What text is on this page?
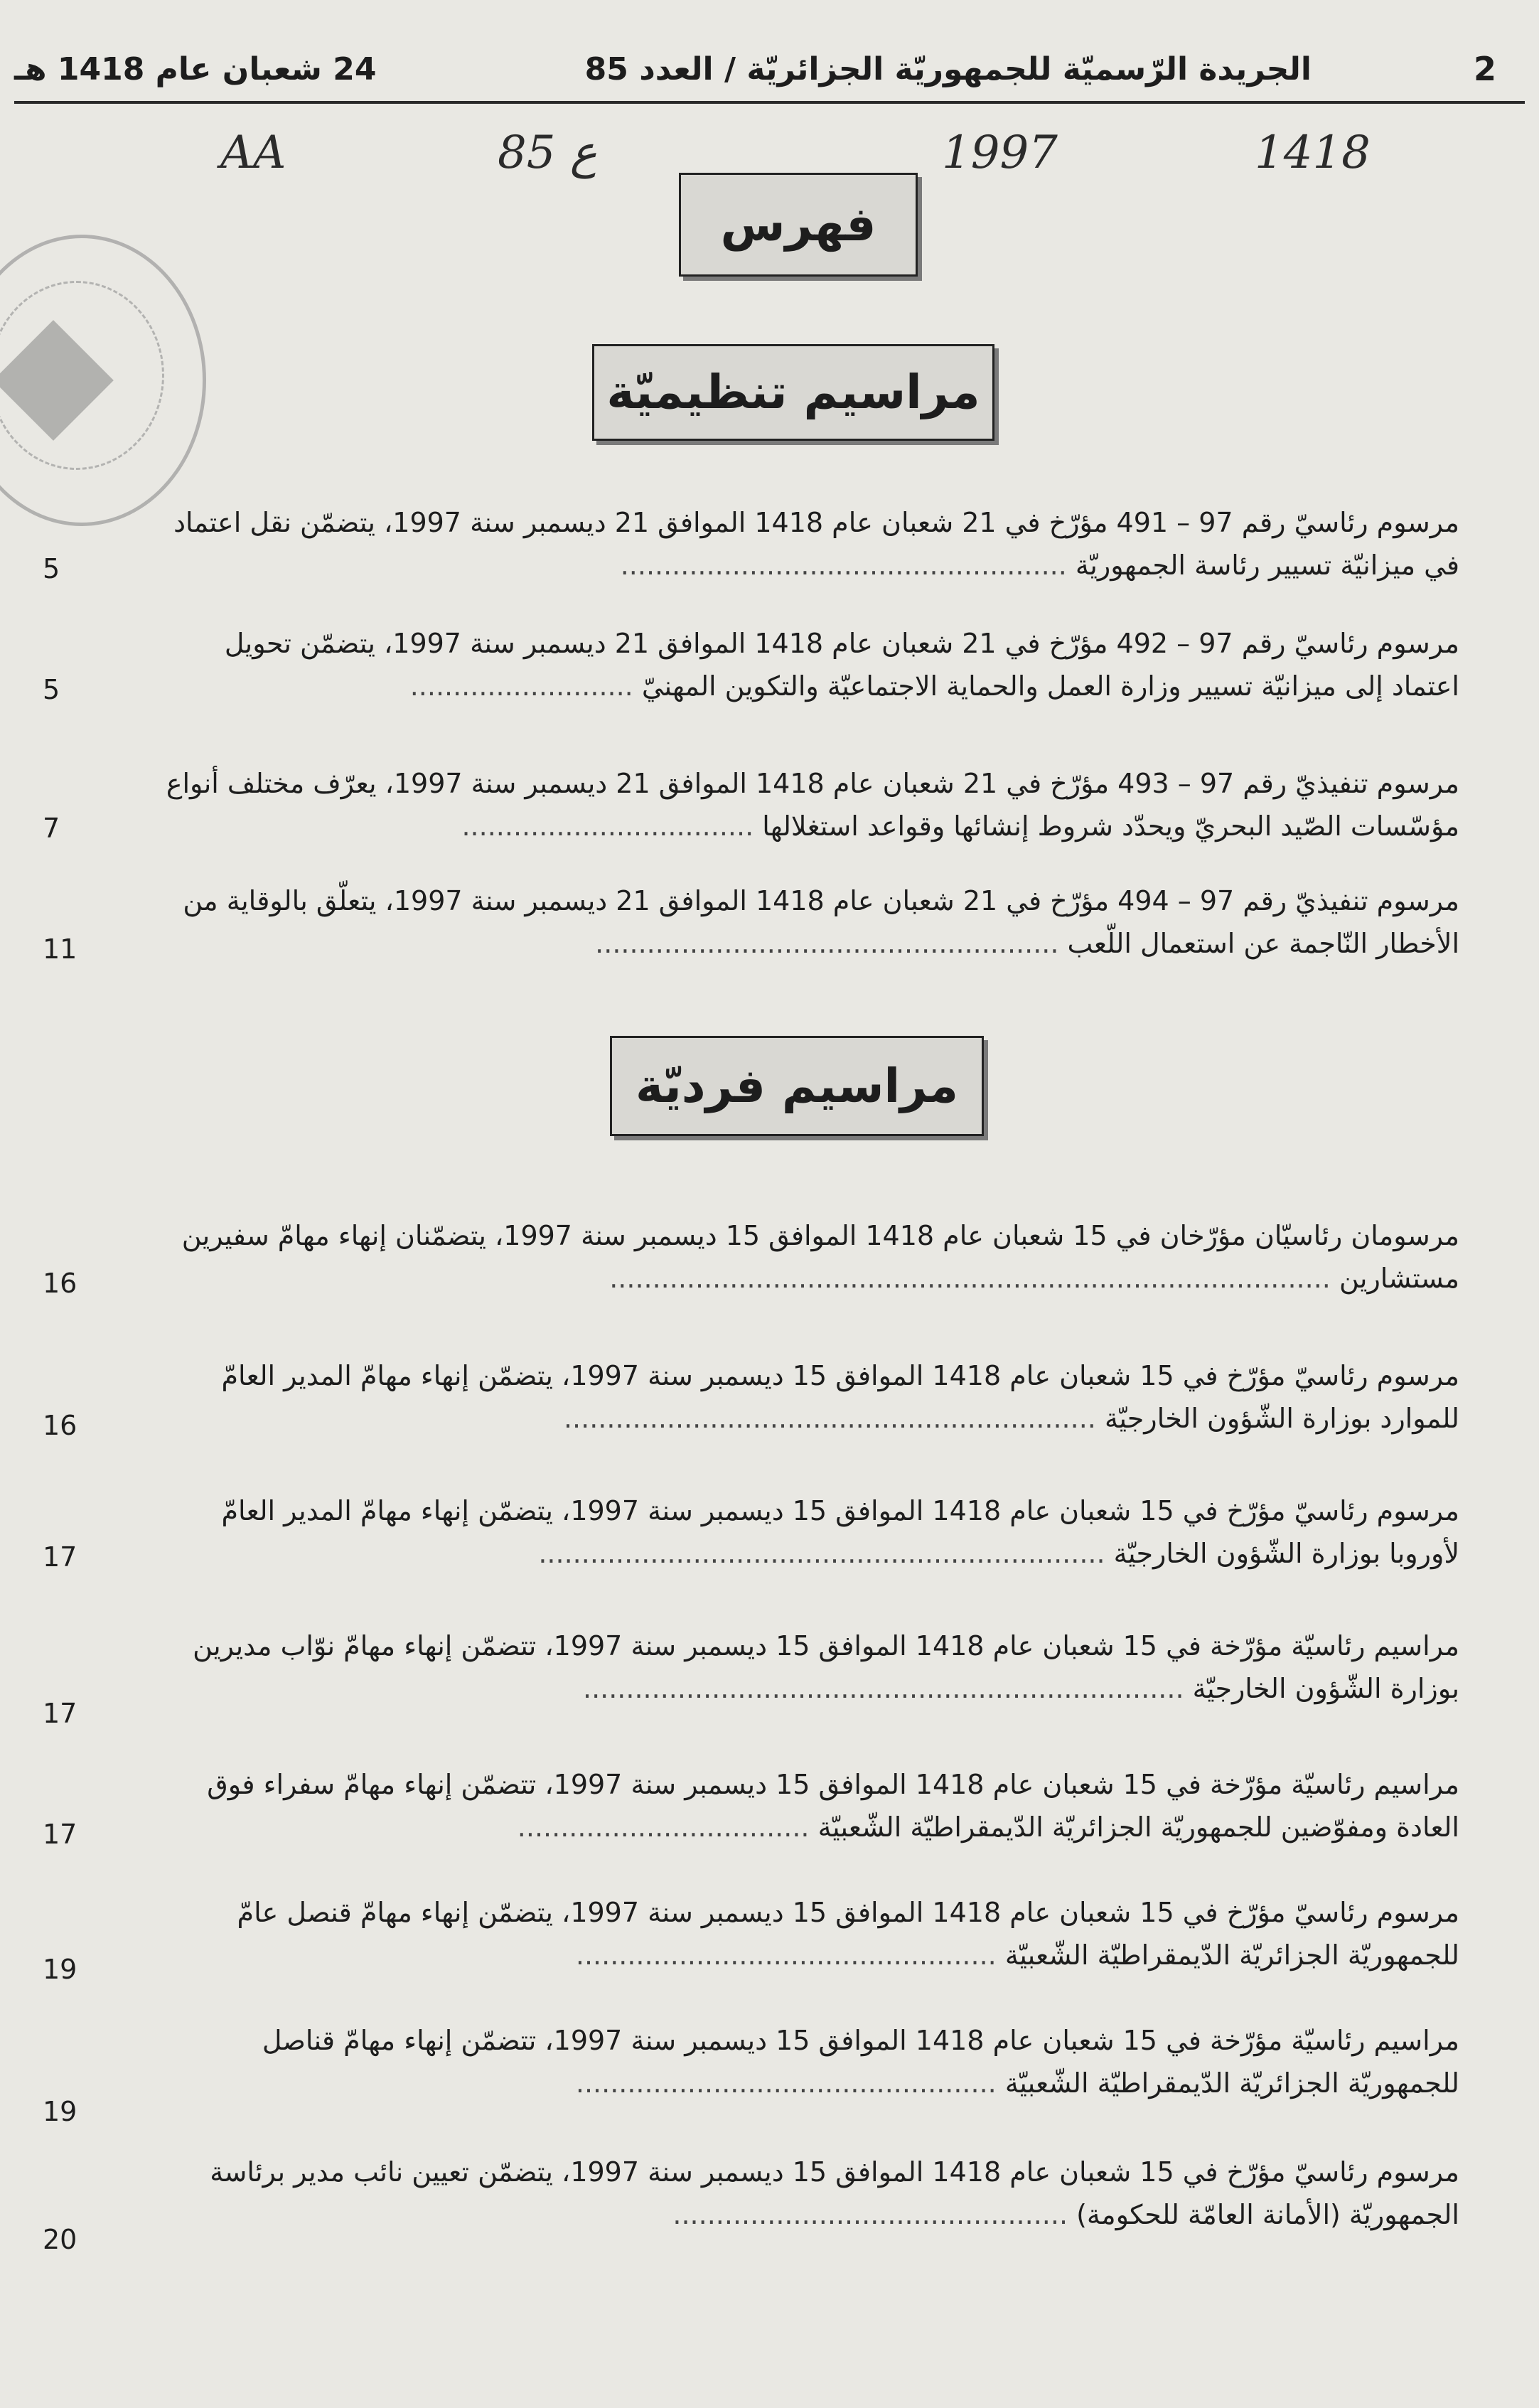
2
الجريدة الرّسميّة للجمهوريّة الجزائريّة / العدد 85
24 شعبان عام 1418 هـ
AA	85 ع	1997	1418
فهرس
مراسيم تنظيميّة
مرسوم رئاسيّ رقم 97 – 491 مؤرّخ في 21 شعبان عام 1418 الموافق 21 ديسمبر سنة 1997، يتضمّن نقل اعتماد
في ميزانيّة تسيير رئاسة الجمهوريّة ....................................................
5
مرسوم رئاسيّ رقم 97 – 492 مؤرّخ في 21 شعبان عام 1418 الموافق 21 ديسمبر سنة 1997، يتضمّن تحويل
اعتماد إلى ميزانيّة تسيير وزارة العمل والحماية الاجتماعيّة والتكوين المهنيّ ..........................
5
مرسوم تنفيذيّ رقم 97 – 493 مؤرّخ في 21 شعبان عام 1418 الموافق 21 ديسمبر سنة 1997، يعرّف مختلف أنواع
مؤسّسات الصّيد البحريّ ويحدّد شروط إنشائها وقواعد استغلالها ..................................
7
مرسوم تنفيذيّ رقم 97 – 494 مؤرّخ في 21 شعبان عام 1418 الموافق 21 ديسمبر سنة 1997، يتعلّق بالوقاية من
الأخطار النّاجمة عن استعمال اللّعب ......................................................
11
مراسيم فرديّة
مرسومان رئاسيّان مؤرّخان في 15 شعبان عام 1418 الموافق 15 ديسمبر سنة 1997، يتضمّنان إنهاء مهامّ سفيرين
مستشارين ....................................................................................
16
مرسوم رئاسيّ مؤرّخ في 15 شعبان عام 1418 الموافق 15 ديسمبر سنة 1997، يتضمّن إنهاء مهامّ المدير العامّ
للموارد بوزارة الشّؤون الخارجيّة ..............................................................
16
مرسوم رئاسيّ مؤرّخ في 15 شعبان عام 1418 الموافق 15 ديسمبر سنة 1997، يتضمّن إنهاء مهامّ المدير العامّ
لأوروبا بوزارة الشّؤون الخارجيّة ..................................................................
17
مراسيم رئاسيّة مؤرّخة في 15 شعبان عام 1418 الموافق 15 ديسمبر سنة 1997، تتضمّن إنهاء مهامّ نوّاب مديرين
بوزارة الشّؤون الخارجيّة ......................................................................
17
مراسيم رئاسيّة مؤرّخة في 15 شعبان عام 1418 الموافق 15 ديسمبر سنة 1997، تتضمّن إنهاء مهامّ سفراء فوق
العادة ومفوّضين للجمهوريّة الجزائريّة الدّيمقراطيّة الشّعبيّة ..................................
17
مرسوم رئاسيّ مؤرّخ في 15 شعبان عام 1418 الموافق 15 ديسمبر سنة 1997، يتضمّن إنهاء مهامّ قنصل عامّ
للجمهوريّة الجزائريّة الدّيمقراطيّة الشّعبيّة .................................................
19
مراسيم رئاسيّة مؤرّخة في 15 شعبان عام 1418 الموافق 15 ديسمبر سنة 1997، تتضمّن إنهاء مهامّ قناصل
للجمهوريّة الجزائريّة الدّيمقراطيّة الشّعبيّة .................................................
19
مرسوم رئاسيّ مؤرّخ في 15 شعبان عام 1418 الموافق 15 ديسمبر سنة 1997، يتضمّن تعيين نائب مدير برئاسة
الجمهوريّة (الأمانة العامّة للحكومة) ..............................................
20
